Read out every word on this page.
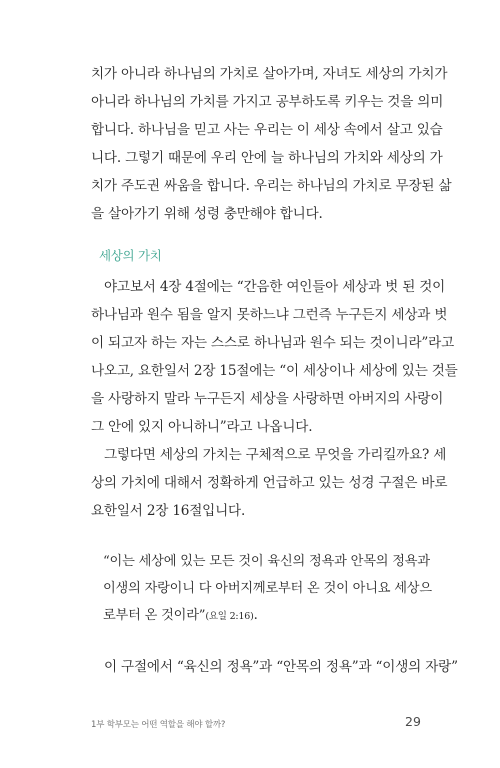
치가 아니라 하나님의 가치로 살아가며, 자녀도 세상의 가치가
아니라 하나님의 가치를 가지고 공부하도록 키우는 것을 의미
합니다. 하나님을 믿고 사는 우리는 이 세상 속에서 살고 있습
니다. 그렇기 때문에 우리 안에 늘 하나님의 가치와 세상의 가
치가 주도권 싸움을 합니다. 우리는 하나님의 가치로 무장된 삶
을 살아가기 위해 성령 충만해야 합니다.
세상의 가치
야고보서 4장 4절에는 “간음한 여인들아 세상과 벗 된 것이
하나님과 원수 됨을 알지 못하느냐 그런즉 누구든지 세상과 벗
이 되고자 하는 자는 스스로 하나님과 원수 되는 것이니라”라고
나오고, 요한일서 2장 15절에는 “이 세상이나 세상에 있는 것들
을 사랑하지 말라 누구든지 세상을 사랑하면 아버지의 사랑이
그 안에 있지 아니하니”라고 나옵니다.
그렇다면 세상의 가치는 구체적으로 무엇을 가리킬까요? 세
상의 가치에 대해서 정확하게 언급하고 있는 성경 구절은 바로
요한일서 2장 16절입니다.
“이는 세상에 있는 모든 것이 육신의 정욕과 안목의 정욕과
이생의 자랑이니 다 아버지께로부터 온 것이 아니요 세상으
로부터 온 것이라”(요일 2:16).
이 구절에서 “육신의 정욕”과 “안목의 정욕”과 “이생의 자랑”
1부 학부모는 어떤 역할을 해야 할까?	29
